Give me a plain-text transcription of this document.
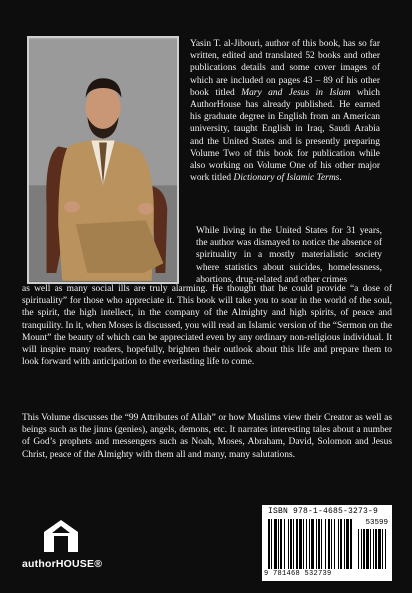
Yasin T. al-Jibouri, author of this book, has so far written, edited and translated 52 books and other publications details and some cover images of which are included on pages 43 – 89 of his other book titled Mary and Jesus in Islam which AuthorHouse has already published. He earned his graduate degree in English from an American university, taught English in Iraq, Saudi Arabia and the United States and is presently preparing Volume Two of this book for publication while also working on Volume One of his other major work titled Dictionary of Islamic Terms.

While living in the United States for 31 years, the author was dismayed to notice the absence of spirituality in a mostly materialistic society where statistics about suicides, homelessness, abortions, drug-related and other crimes

as well as many social ills are truly alarming. He thought that he could provide “a dose of spirituality” for those who appreciate it. This book will take you to soar in the world of the soul, the spirit, the high intellect, in the company of the Almighty and high spirits, of peace and tranquility. In it, when Moses is discussed, you will read an Islamic version of the “Sermon on the Mount” the beauty of which can be appreciated even by any ordinary non-religious individual. It will inspire many readers, hopefully, brighten their outlook about this life and prepare them to look forward with anticipation to the everlasting life to come.

This Volume discusses the “99 Attributes of Allah” or how Muslims view their Creator as well as beings such as the jinns (genies), angels, demons, etc. It narrates interesting tales about a number of God’s prophets and messengers such as Noah, Moses, Abraham, David, Solomon and Jesus Christ, peace of the Almighty with them all and many, many salutations.

authorHOUSE®
ISBN 978-1-4685-3273-9
53599
9 781468 532739
